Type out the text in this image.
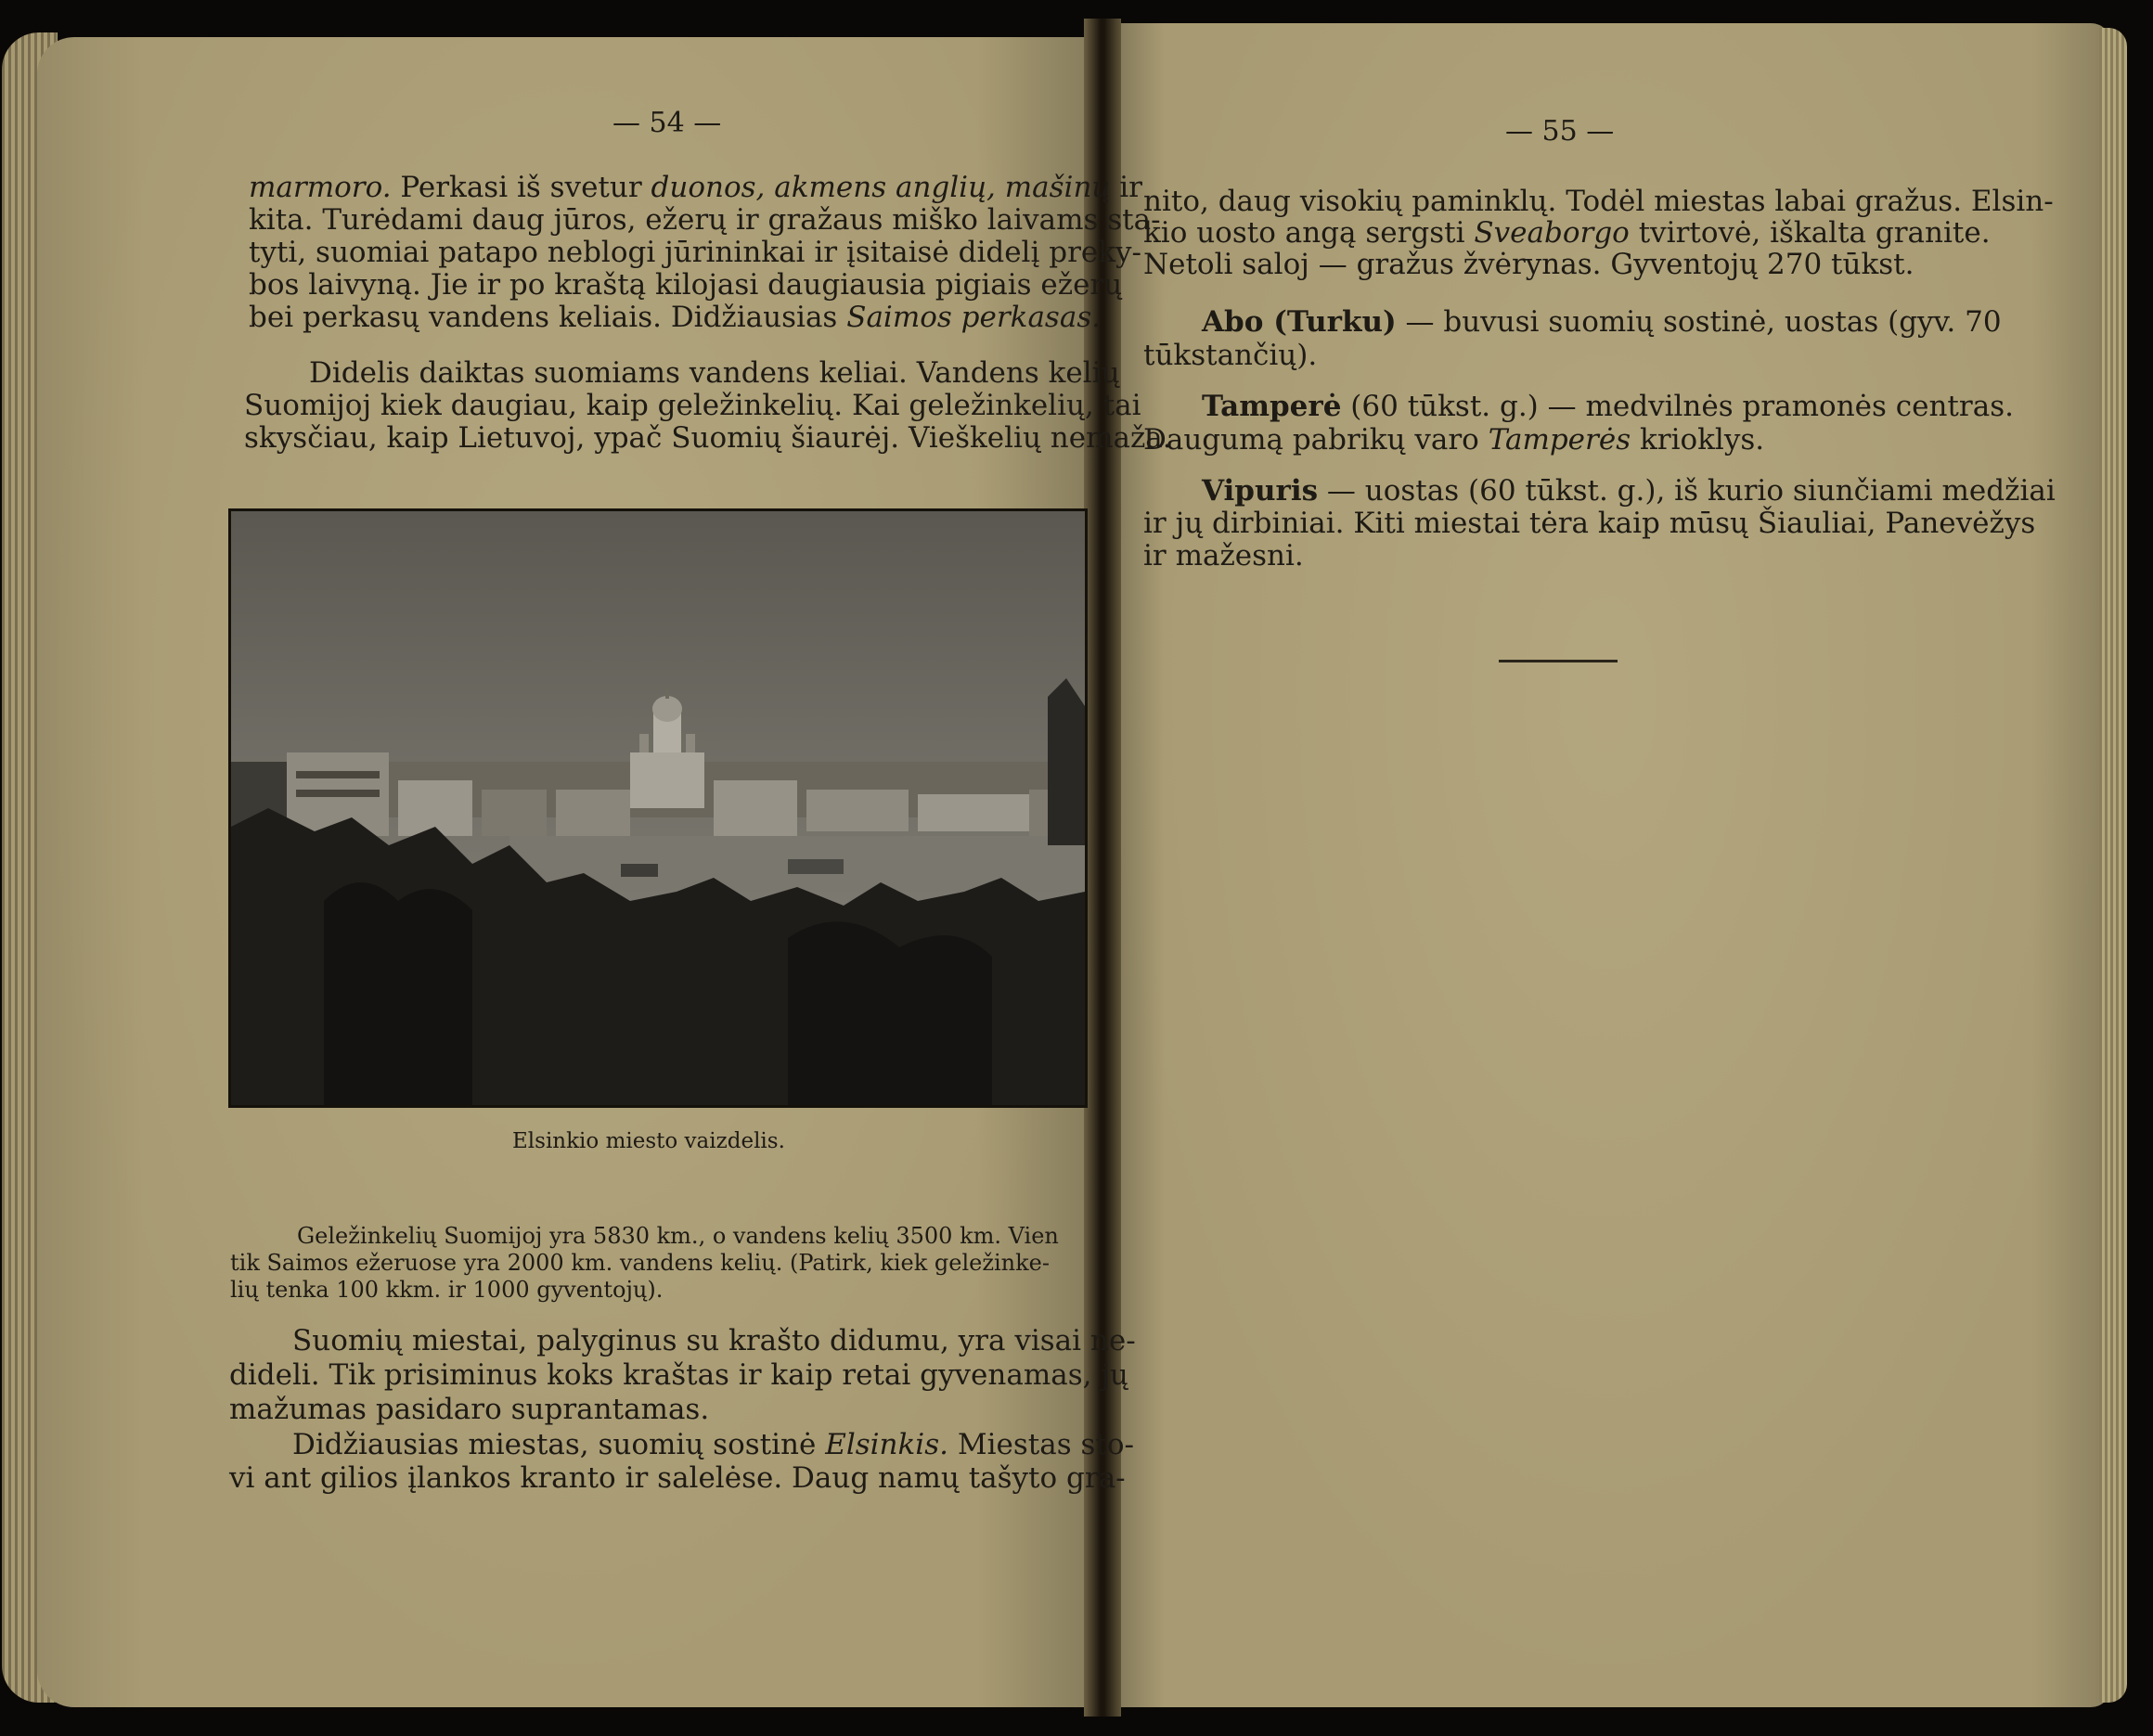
— 54 —
marmoro. Perkasi iš svetur duonos, akmens anglių, mašinų ir
kita. Turėdami daug jūros, ežerų ir gražaus miško laivams sta-
tyti, suomiai patapo neblogi jūrininkai ir įsitaisė didelį preky-
bos laivyną. Jie ir po kraštą kilojasi daugiausia pigiais ežerų
bei perkasų vandens keliais. Didžiausias Saimos perkasas.
Didelis daiktas suomiams vandens keliai. Vandens kelių
Suomijoj kiek daugiau, kaip geležinkelių. Kai geležinkelių, tai
skysčiau, kaip Lietuvoj, ypač Suomių šiaurėj. Vieškelių nemaža.
Elsinkio miesto vaizdelis.
Geležinkelių Suomijoj yra 5830 km., o vandens kelių 3500 km. Vien
tik Saimos ežeruose yra 2000 km. vandens kelių. (Patirk, kiek geležinke-
lių tenka 100 kkm. ir 1000 gyventojų).
Suomių miestai, palyginus su krašto didumu, yra visai ne-
dideli. Tik prisiminus koks kraštas ir kaip retai gyvenamas, jų
mažumas pasidaro suprantamas.
Didžiausias miestas, suomių sostinė Elsinkis. Miestas sto-
vi ant gilios įlankos kranto ir salelėse. Daug namų tašyto gra-
— 55 —
nito, daug visokių paminklų. Todėl miestas labai gražus. Elsin-
kio uosto angą sergsti Sveaborgo tvirtovė, iškalta granite.
Netoli saloj — gražus žvėrynas. Gyventojų 270 tūkst.
Abo (Turku) — buvusi suomių sostinė, uostas (gyv. 70
tūkstančių).
Tamperė (60 tūkst. g.) — medvilnės pramonės centras.
Daugumą pabrikų varo Tamperės krioklys.
Vipuris — uostas (60 tūkst. g.), iš kurio siunčiami medžiai
ir jų dirbiniai. Kiti miestai tėra kaip mūsų Šiauliai, Panevėžys
ir mažesni.
